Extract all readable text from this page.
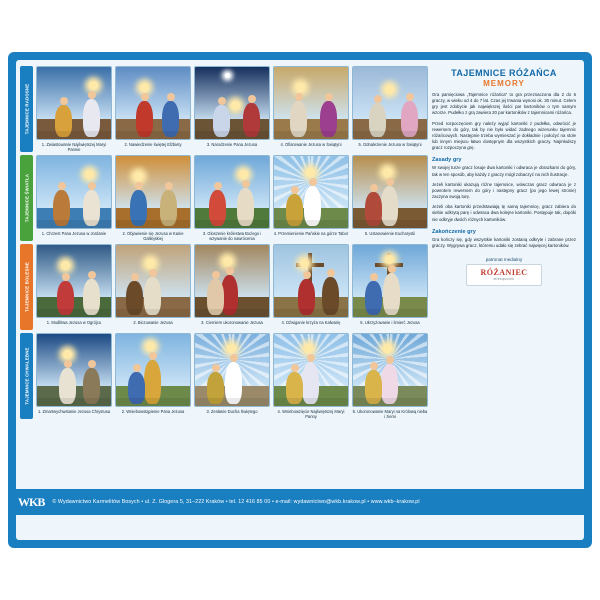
TAJEMNICE RADOSNE
1. Zwiastowanie Najświętszej Maryi Pannie
2. Nawiedzenie świętej Elżbiety	3. Narodzenie Pana Jezusa	4. Ofiarowanie Jezusa w Świątyni	5. Odnalezienie Jezusa w Świątyni
TAJEMNICE ŚWIATŁA
1. Chrzest Pana Jezusa w Jordanie	2. Objawienie się Jezusa w Kanie Galilejskiej
3. Głoszenie królestwa Bożego i wzywanie do nawrócenia
4. Przemienienie Pańskie na górze Tabor	5. Ustanowienie Eucharystii
TAJEMNICE BOLESNE
1. Modlitwa Jezusa w Ogrójcu	2. Biczowanie Jezusa	3. Cierniem ukoronowanie Jezusa	4. Dźwiganie krzyża na Kalwarię	5. Ukrzyżowanie i śmierć Jezusa
TAJEMNICE CHWALEBNE
1. Zmartwychwstanie Jezusa Chrystusa	2. Wniebowstąpienie Pana Jezusa	3. Zesłanie Ducha Świętego	4. Wniebowzięcie Najświętszej Maryi Panny
5. Ukoronowanie Maryi na Królową nieba i ziemi
TAJEMNICE RÓŻAŃCA
MEMORY

Gra pamięciowa „Tajemnice różańca" to gra przeznaczona dla 2 do 6 graczy, w wieku od 4 do 7 lat. Czas jej trwania wynosi ok. 30 minut. Celem gry jest zdobycie jak największej ilości par kartoników o tym samym wzorze. Pudełko z grą zawiera 20 par kartoników z tajemnicami różańca.

Przed rozpoczęciem gry należy wyjąć kartoniki z pudełka, odwrócić je rewersem do góry, tak by nie było widać żadnego wizerunku tajemnic różańcowych. Następnie trzeba wymieszać je dokładnie i położyć na stole lub innym miejscu łatwo dostępnym dla wszystkich graczy. Najmłodszy gracz rozpoczyna grę.

Zasady gry

W swojej turze gracz losuje dwa kartoniki i odwraca je obrazkami do góry, tak w ten sposób, aby każdy z graczy mógł zobaczyć na nich ilustracje.

Jeżeli kartoniki ukazują różne tajemnice, wówczas gracz odwraca je z powrotem rewersem do góry i następny gracz (po jego lewej stronie) zaczyna swoją turę.

Jeżeli oba kartoniki przedstawiają tę samą tajemnicę, gracz zabiera do siebie odkrytą parę i odwraca dwa kolejne kartoniki. Postępuje tak, dopóki nie odkryje dwóch różnych kartoników.

Zakończenie gry

Gra kończy się, gdy wszystkie kartoniki zostaną odkryte i zabrane przez graczy. Wygrywa gracz, któremu udało się zebrać najwięcej kartoników.

patronat medialny
RÓŻANIEC
miesięcznik
WKB © Wydawnictwo Karmelitów Bosych • ul. Z. Glogera 5, 31–222 Kraków • tel. 12 416 85 00 • e-mail: wydawnictwo@wkb.krakow.pl • www.wkb–krakow.pl
